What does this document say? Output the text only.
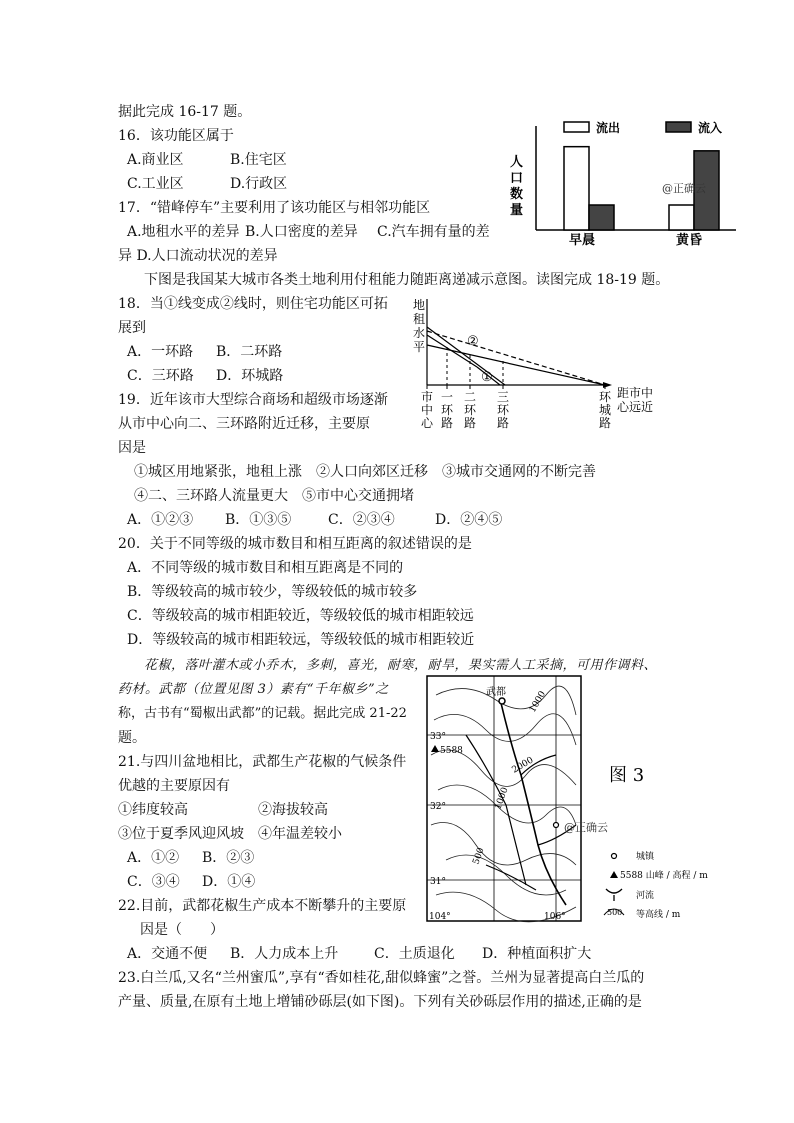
据此完成 16-17 题。
16．该功能区属于
A.商业区	B.住宅区
C.工业区	D.行政区
17．“错峰停车”主要利用了该功能区与相邻功能区
A.地租水平的差异 B.人口密度的差异 C.汽车拥有量的差
异 D.人口流动状况的差异
下图是我国某大城市各类土地利用付租能力随距离递减示意图。读图完成 18-19 题。
18．当①线变成②线时，则住宅功能区可拓
展到
A．一环路 B．二环路
C．三环路 D．环城路
19．近年该市大型综合商场和超级市场逐渐
从市中心向二、三环路附近迁移，主要原
因是
①城区用地紧张，地租上涨　②人口向郊区迁移　③城市交通网的不断完善
④二、三环路人流量更大　⑤市中心交通拥堵
A．①②③ B．①③⑤	C．②③④	D．②④⑤
20．关于不同等级的城市数目和相互距离的叙述错误的是
A．不同等级的城市数目和相互距离是不同的
B．等级较高的城市较少，等级较低的城市较多
C．等级较高的城市相距较近，等级较低的城市相距较远
D．等级较高的城市相距较远，等级较低的城市相距较近
花椒，落叶灌木或小乔木，多刺，喜光，耐寒，耐旱，果实需人工采摘，可用作调料、
药材。武都（位置见图 3）素有“千年椒乡”之
称，古书有“蜀椒出武都”的记载。据此完成 21-22
题。
21.与四川盆地相比，武都生产花椒的气候条件
优越的主要原因有
①纬度较高	②海拔较高
③位于夏季风迎风坡 ④年温差较小
A．①② B．②③
C．③④ D．①④
22.目前，武都花椒生产成本不断攀升的主要原
因是（　　）
A．交通不便 B．人力成本上升	C．土质退化 D．种植面积扩大
23.白兰瓜,又名“兰州蜜瓜”,享有“香如桂花,甜似蜂蜜”之誉。兰州为显著提高白兰瓜的
产量、质量,在原有土地上增铺砂砾层(如下图)。下列有关砂砾层作用的描述,正确的是
流出	流入
人
口
数
量
早晨	黄昏
@正确云
地
租
水
平	②
①
市
中
心
一
环
路
二
环
路
三
环
路
环
城
路
距市中
心远近
武都
5588
1000
2000
1000
500
33°
32°
31°
104°	106°
图 3
@正确云
城镇
5588 山峰 / 高程 / m
河流
500 等高线 / m
